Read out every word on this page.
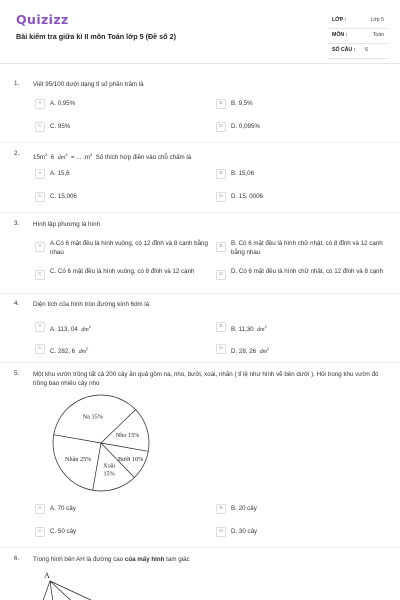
Quizizz
Bài kiểm tra giữa kì II môn Toán lớp 5 (Đề số 2)
LỚP :	Lớp 5
MÔN :	Toán
SỐ CÂU : 6
1. Viết 95/100 dưới dạng tỉ số phần trăm là
A	A. 0,95%	B	B. 9,5%
C	C. 95%	D	D. 0,095%
2.
$15m^3$ 6 $dm^3$ = ... $.m^3$ Số thích hợp điền vào chỗ chấm là
A	A. 15,6	B	B. 15,06
C	C. 15,006	D	D. 15, 0006
3. Hình lập phương là hình
A	A.Có 6 mặt đều là hình vuông, có 12 đỉnh và 8 cạnh bằng nhau
B	B. Có 6 mặt đều là hình chữ nhật, có 8 đỉnh và 12 cạnh bằng nhau
C	C. Có 6 mặt đều là hình vuông, có 8 đỉnh và 12 cạnh	D	D. Có 6 mặt đều là hình chữ nhật, có 12 đỉnh và 8 cạnh
4. Diện tích của hình tròn đường kính 6dm là
A	A. 113, 04 $dm^2$	B	B. 11,30 $dm^2$
C	C. 282, 6 $dm^2$	D	D. 28, 26 $dm^2$
5. Một khu vườn trồng tất cả 200 cây ăn quả gồm na, nho, bưởi, xoài, nhãn ( tỉ lệ như hình vẽ bên dưới ). Hỏi trong khu vườn đó trồng bao nhiêu cây nho
Na 35%
Nho 15%
Bưởi 10%
Xoài 15%
Nhãn 25%
A	A. 70 cây	B	B. 20 cây
C	C. 50 cây	D	D. 30 cây
6. Trong hình bên AH là đường cao của mấy hình tam giác
A
